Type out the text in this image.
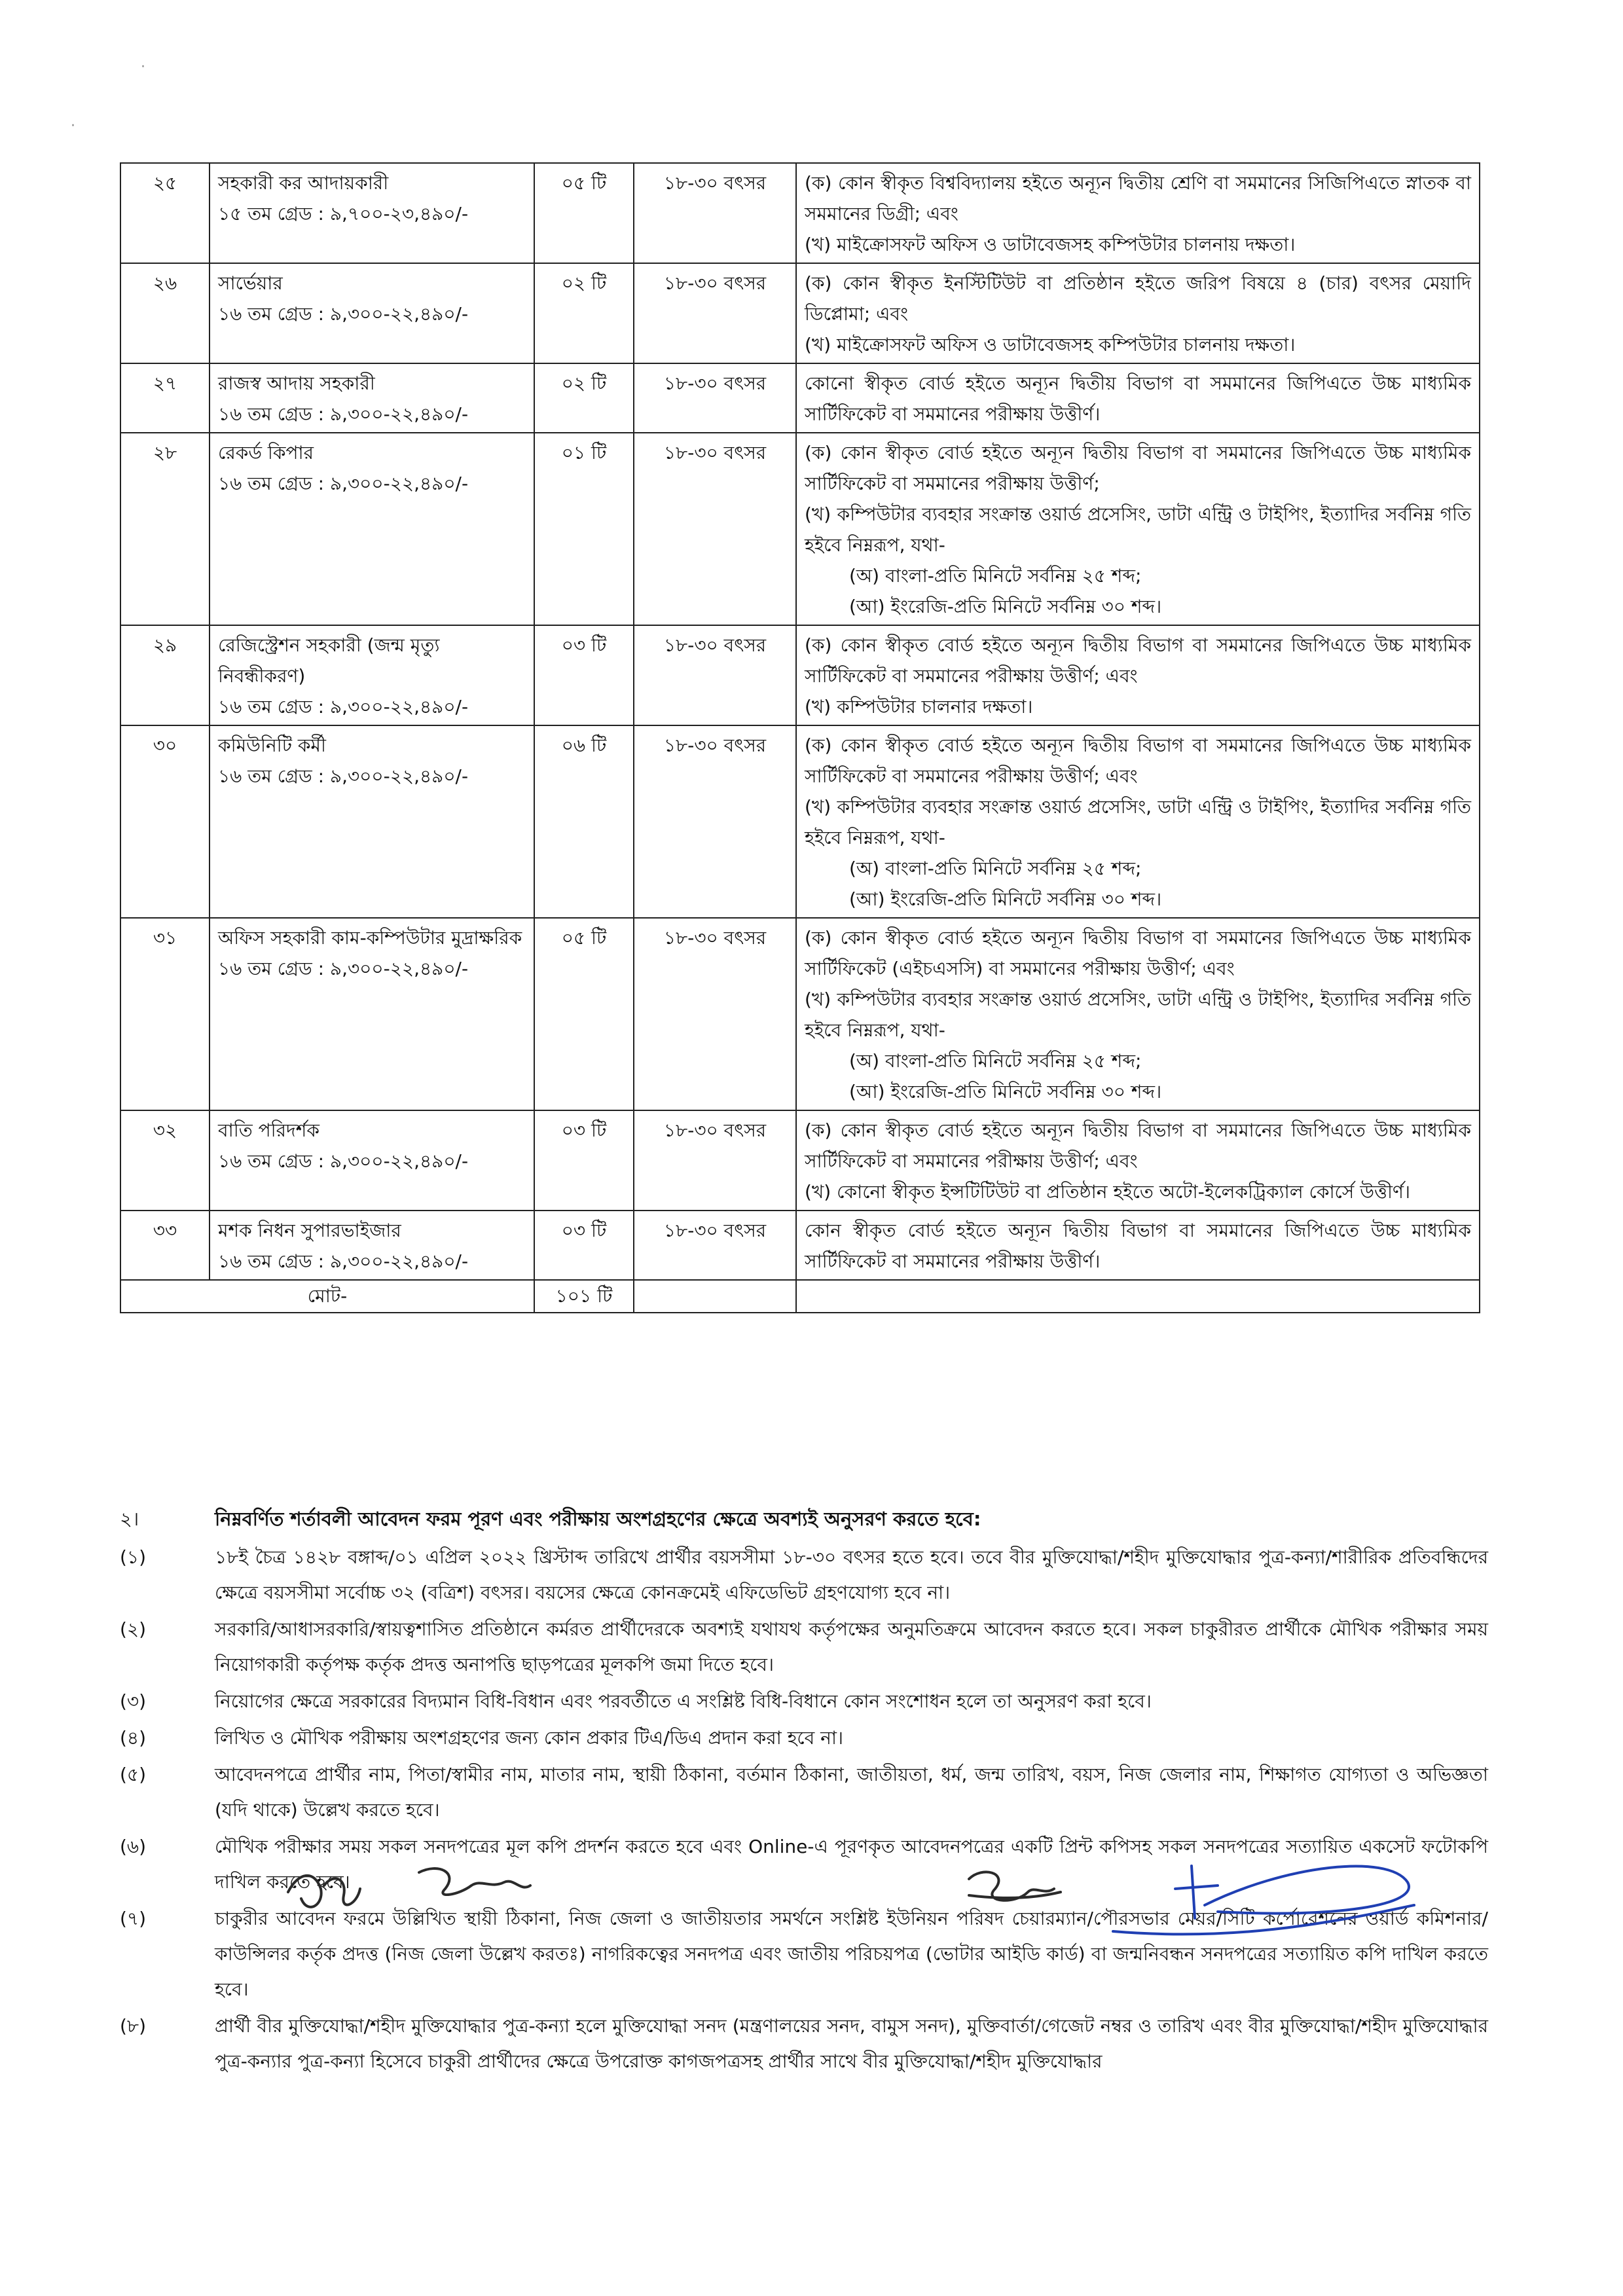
·
·
২৫	সহকারী কর আদায়কারী
১৫ তম গ্রেড : ৯,৭০০-২৩,৪৯০/-	০৫ টি	১৮-৩০ বৎসর	(ক) কোন স্বীকৃত বিশ্ববিদ্যালয় হইতে অন্যূন দ্বিতীয় শ্রেণি বা সমমানের সিজিপিএতে স্নাতক বা সমমানের ডিগ্রী; এবং
(খ) মাইক্রোসফট অফিস ও ডাটাবেজসহ কম্পিউটার চালনায় দক্ষতা।

২৬	সার্ভেয়ার
১৬ তম গ্রেড : ৯,৩০০-২২,৪৯০/-	০২ টি	১৮-৩০ বৎসর	(ক) কোন স্বীকৃত ইনস্টিটিউট বা প্রতিষ্ঠান হইতে জরিপ বিষয়ে ৪ (চার) বৎসর মেয়াদি ডিপ্লোমা; এবং
(খ) মাইক্রোসফট অফিস ও ডাটাবেজসহ কম্পিউটার চালনায় দক্ষতা।

২৭	রাজস্ব আদায় সহকারী
১৬ তম গ্রেড : ৯,৩০০-২২,৪৯০/-	০২ টি	১৮-৩০ বৎসর	কোনো স্বীকৃত বোর্ড হইতে অন্যূন দ্বিতীয় বিভাগ বা সমমানের জিপিএতে উচ্চ মাধ্যমিক সার্টিফিকেট বা সমমানের পরীক্ষায় উত্তীর্ণ।

২৮	রেকর্ড কিপার
১৬ তম গ্রেড : ৯,৩০০-২২,৪৯০/-	০১ টি	১৮-৩০ বৎসর	(ক) কোন স্বীকৃত বোর্ড হইতে অন্যূন দ্বিতীয় বিভাগ বা সমমানের জিপিএতে উচ্চ মাধ্যমিক সার্টিফিকেট বা সমমানের পরীক্ষায় উত্তীর্ণ;
(খ) কম্পিউটার ব্যবহার সংক্রান্ত ওয়ার্ড প্রসেসিং, ডাটা এন্ট্রি ও টাইপিং, ইত্যাদির সর্বনিম্ন গতি হইবে নিম্নরূপ, যথা-
(অ) বাংলা-প্রতি মিনিটে সর্বনিম্ন ২৫ শব্দ;
(আ) ইংরেজি-প্রতি মিনিটে সর্বনিম্ন ৩০ শব্দ।

২৯	রেজিস্ট্রেশন সহকারী (জন্ম মৃত্যু নিবন্ধীকরণ)
১৬ তম গ্রেড : ৯,৩০০-২২,৪৯০/-	০৩ টি	১৮-৩০ বৎসর	(ক) কোন স্বীকৃত বোর্ড হইতে অন্যূন দ্বিতীয় বিভাগ বা সমমানের জিপিএতে উচ্চ মাধ্যমিক সার্টিফিকেট বা সমমানের পরীক্ষায় উত্তীর্ণ; এবং
(খ) কম্পিউটার চালনার দক্ষতা।

৩০	কমিউনিটি কর্মী
১৬ তম গ্রেড : ৯,৩০০-২২,৪৯০/-	০৬ টি	১৮-৩০ বৎসর	(ক) কোন স্বীকৃত বোর্ড হইতে অন্যূন দ্বিতীয় বিভাগ বা সমমানের জিপিএতে উচ্চ মাধ্যমিক সার্টিফিকেট বা সমমানের পরীক্ষায় উত্তীর্ণ; এবং
(খ) কম্পিউটার ব্যবহার সংক্রান্ত ওয়ার্ড প্রসেসিং, ডাটা এন্ট্রি ও টাইপিং, ইত্যাদির সর্বনিম্ন গতি হইবে নিম্নরূপ, যথা-
(অ) বাংলা-প্রতি মিনিটে সর্বনিম্ন ২৫ শব্দ;
(আ) ইংরেজি-প্রতি মিনিটে সর্বনিম্ন ৩০ শব্দ।

৩১	অফিস সহকারী কাম-কম্পিউটার মুদ্রাক্ষরিক
১৬ তম গ্রেড : ৯,৩০০-২২,৪৯০/-	০৫ টি	১৮-৩০ বৎসর	(ক) কোন স্বীকৃত বোর্ড হইতে অন্যূন দ্বিতীয় বিভাগ বা সমমানের জিপিএতে উচ্চ মাধ্যমিক সার্টিফিকেট (এইচএসসি) বা সমমানের পরীক্ষায় উত্তীর্ণ; এবং
(খ) কম্পিউটার ব্যবহার সংক্রান্ত ওয়ার্ড প্রসেসিং, ডাটা এন্ট্রি ও টাইপিং, ইত্যাদির সর্বনিম্ন গতি হইবে নিম্নরূপ, যথা-
(অ) বাংলা-প্রতি মিনিটে সর্বনিম্ন ২৫ শব্দ;
(আ) ইংরেজি-প্রতি মিনিটে সর্বনিম্ন ৩০ শব্দ।

৩২	বাতি পরিদর্শক
১৬ তম গ্রেড : ৯,৩০০-২২,৪৯০/-	০৩ টি	১৮-৩০ বৎসর	(ক) কোন স্বীকৃত বোর্ড হইতে অন্যূন দ্বিতীয় বিভাগ বা সমমানের জিপিএতে উচ্চ মাধ্যমিক সার্টিফিকেট বা সমমানের পরীক্ষায় উত্তীর্ণ; এবং
(খ) কোনো স্বীকৃত ইন্সটিটিউট বা প্রতিষ্ঠান হইতে অটো-ইলেকট্রিক্যাল কোর্সে উত্তীর্ণ।

৩৩	মশক নিধন সুপারভাইজার
১৬ তম গ্রেড : ৯,৩০০-২২,৪৯০/-	০৩ টি	১৮-৩০ বৎসর	কোন স্বীকৃত বোর্ড হইতে অন্যূন দ্বিতীয় বিভাগ বা সমমানের জিপিএতে উচ্চ মাধ্যমিক সার্টিফিকেট বা সমমানের পরীক্ষায় উত্তীর্ণ।

মোট-		১০১ টি		
২।	নিম্নবর্ণিত শর্তাবলী আবেদন ফরম পূরণ এবং পরীক্ষায় অংশগ্রহণের ক্ষেত্রে অবশ্যই অনুসরণ করতে হবে:
(১)	১৮ই চৈত্র ১৪২৮ বঙ্গাব্দ/০১ এপ্রিল ২০২২ খ্রিস্টাব্দ তারিখে প্রার্থীর বয়সসীমা ১৮-৩০ বৎসর হতে হবে। তবে বীর মুক্তিযোদ্ধা/শহীদ মুক্তিযোদ্ধার পুত্র-কন্যা/শারীরিক প্রতিবন্ধিদের ক্ষেত্রে বয়সসীমা সর্বোচ্চ ৩২ (বত্রিশ) বৎসর। বয়সের ক্ষেত্রে কোনক্রমেই এফিডেভিট গ্রহণযোগ্য হবে না।
(২)	সরকারি/আধাসরকারি/স্বায়ত্বশাসিত প্রতিষ্ঠানে কর্মরত প্রার্থীদেরকে অবশ্যই যথাযথ কর্তৃপক্ষের অনুমতিক্রমে আবেদন করতে হবে। সকল চাকুরীরত প্রার্থীকে মৌখিক পরীক্ষার সময় নিয়োগকারী কর্তৃপক্ষ কর্তৃক প্রদত্ত অনাপত্তি ছাড়পত্রের মূলকপি জমা দিতে হবে।
(৩)	নিয়োগের ক্ষেত্রে সরকারের বিদ্যমান বিধি-বিধান এবং পরবর্তীতে এ সংশ্লিষ্ট বিধি-বিধানে কোন সংশোধন হলে তা অনুসরণ করা হবে।
(৪)	লিখিত ও মৌখিক পরীক্ষায় অংশগ্রহণের জন্য কোন প্রকার টিএ/ডিএ প্রদান করা হবে না।
(৫)	আবেদনপত্রে প্রার্থীর নাম, পিতা/স্বামীর নাম, মাতার নাম, স্থায়ী ঠিকানা, বর্তমান ঠিকানা, জাতীয়তা, ধর্ম, জন্ম তারিখ, বয়স, নিজ জেলার নাম, শিক্ষাগত যোগ্যতা ও অভিজ্ঞতা (যদি থাকে) উল্লেখ করতে হবে।
(৬)	মৌখিক পরীক্ষার সময় সকল সনদপত্রের মূল কপি প্রদর্শন করতে হবে এবং Online-এ পূরণকৃত আবেদনপত্রের একটি প্রিন্ট কপিসহ সকল সনদপত্রের সত্যায়িত একসেট ফটোকপি দাখিল করতে হবে।
(৭)	চাকুরীর আবেদন ফরমে উল্লিখিত স্থায়ী ঠিকানা, নিজ জেলা ও জাতীয়তার সমর্থনে সংশ্লিষ্ট ইউনিয়ন পরিষদ চেয়ারম্যান/পৌরসভার মেয়র/সিটি কর্পোরেশনের ওয়ার্ড কমিশনার/কাউন্সিলর কর্তৃক প্রদত্ত (নিজ জেলা উল্লেখ করতঃ) নাগরিকত্বের সনদপত্র এবং জাতীয় পরিচয়পত্র (ভোটার আইডি কার্ড) বা জন্মনিবন্ধন সনদপত্রের সত্যায়িত কপি দাখিল করতে হবে।
(৮)	প্রার্থী বীর মুক্তিযোদ্ধা/শহীদ মুক্তিযোদ্ধার পুত্র-কন্যা হলে মুক্তিযোদ্ধা সনদ (মন্ত্রণালয়ের সনদ, বামুস সনদ), মুক্তিবার্তা/গেজেট নম্বর ও তারিখ এবং বীর মুক্তিযোদ্ধা/শহীদ মুক্তিযোদ্ধার পুত্র-কন্যার পুত্র-কন্যা হিসেবে চাকুরী প্রার্থীদের ক্ষেত্রে উপরোক্ত কাগজপত্রসহ প্রার্থীর সাথে বীর মুক্তিযোদ্ধা/শহীদ মুক্তিযোদ্ধার
